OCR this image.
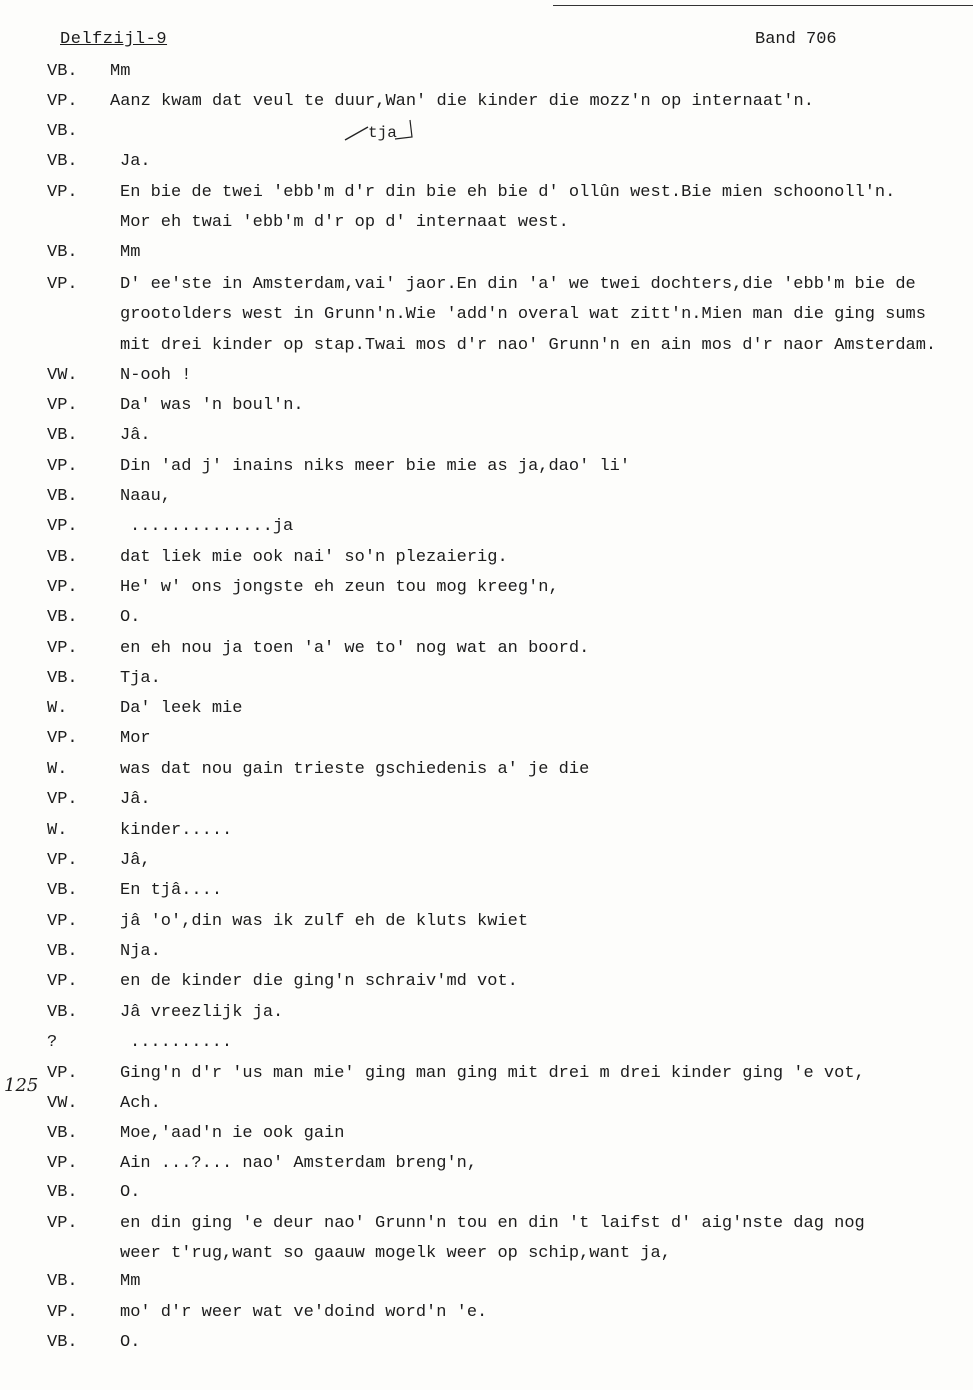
Delfzijl-9	Band 706
125
tja
VB. Mm
VP. Aanz kwam dat veul te duur,Wan' die kinder die mozz'n op internaat'n.
VB.
VB. Ja.
VP. En bie de twei 'ebb'm d'r din bie eh bie d' ollûn west.Bie mien schoonoll'n.
Mor eh twai 'ebb'm d'r op d' internaat west.
VB. Mm
VP. D' ee'ste in Amsterdam,vai' jaor.En din 'a' we twei dochters,die 'ebb'm bie de
grootolders west in Grunn'n.Wie 'add'n overal wat zitt'n.Mien man die ging sums
mit drei kinder op stap.Twai mos d'r nao' Grunn'n en ain mos d'r naor Amsterdam.
VW. N-ooh !
VP. Da' was 'n boul'n.
VB. Jâ.
VP. Din 'ad j' inains niks meer bie mie as ja,dao' li'
VB. Naau,
VP.	..............ja
VB. dat liek mie ook nai' so'n plezaierig.
VP. He' w' ons jongste eh zeun tou mog kreeg'n,
VB. O.
VP. en eh nou ja toen 'a' we to' nog wat an boord.
VB. Tja.
W.	Da' leek mie
VP. Mor
W.	was dat nou gain trieste gschiedenis a' je die
VP. Jâ.
W.	kinder.....
VP. Jâ,
VB. En tjâ....
VP. jâ 'o',din was ik zulf eh de kluts kwiet
VB. Nja.
VP. en de kinder die ging'n schraiv'md vot.
VB. Jâ vreezlijk ja.
?	..........
VP. Ging'n d'r 'us man mie' ging man ging mit drei m drei kinder ging 'e vot,
VW. Ach.
VB. Moe,'aad'n ie ook gain
VP. Ain ...?... nao' Amsterdam breng'n,
VB. O.
VP. en din ging 'e deur nao' Grunn'n tou en din 't laifst d' aig'nste dag nog
weer t'rug,want so gaauw mogelk weer op schip,want ja,
VB. Mm
VP. mo' d'r weer wat ve'doind word'n 'e.
VB. O.
